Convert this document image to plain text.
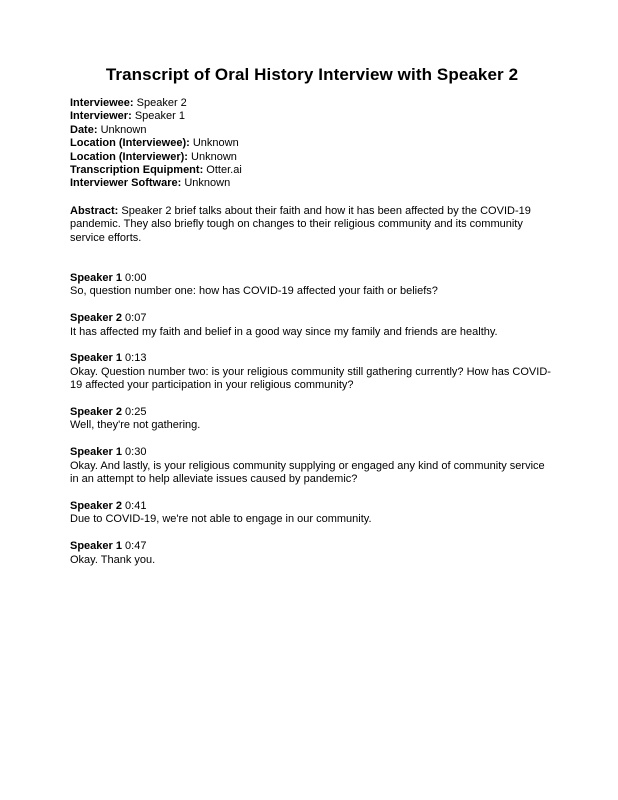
Transcript of Oral History Interview with Speaker 2

Interviewee: Speaker 2

Interviewer: Speaker 1

Date: Unknown

Location (Interviewee): Unknown

Location (Interviewer): Unknown

Transcription Equipment: Otter.ai

Interviewer Software: Unknown

Abstract: Speaker 2 brief talks about their faith and how it has been affected by the COVID-19 pandemic. They also briefly tough on changes to their religious community and its community service efforts.

Speaker 1 0:00

So, question number one: how has COVID-19 affected your faith or beliefs?

Speaker 2 0:07

It has affected my faith and belief in a good way since my family and friends are healthy.

Speaker 1 0:13

Okay. Question number two: is your religious community still gathering currently? How has COVID-19 affected your participation in your religious community?

Speaker 2 0:25

Well, they're not gathering.

Speaker 1 0:30

Okay. And lastly, is your religious community supplying or engaged any kind of community service in an attempt to help alleviate issues caused by pandemic?

Speaker 2 0:41

Due to COVID-19, we're not able to engage in our community.

Speaker 1 0:47

Okay. Thank you.
